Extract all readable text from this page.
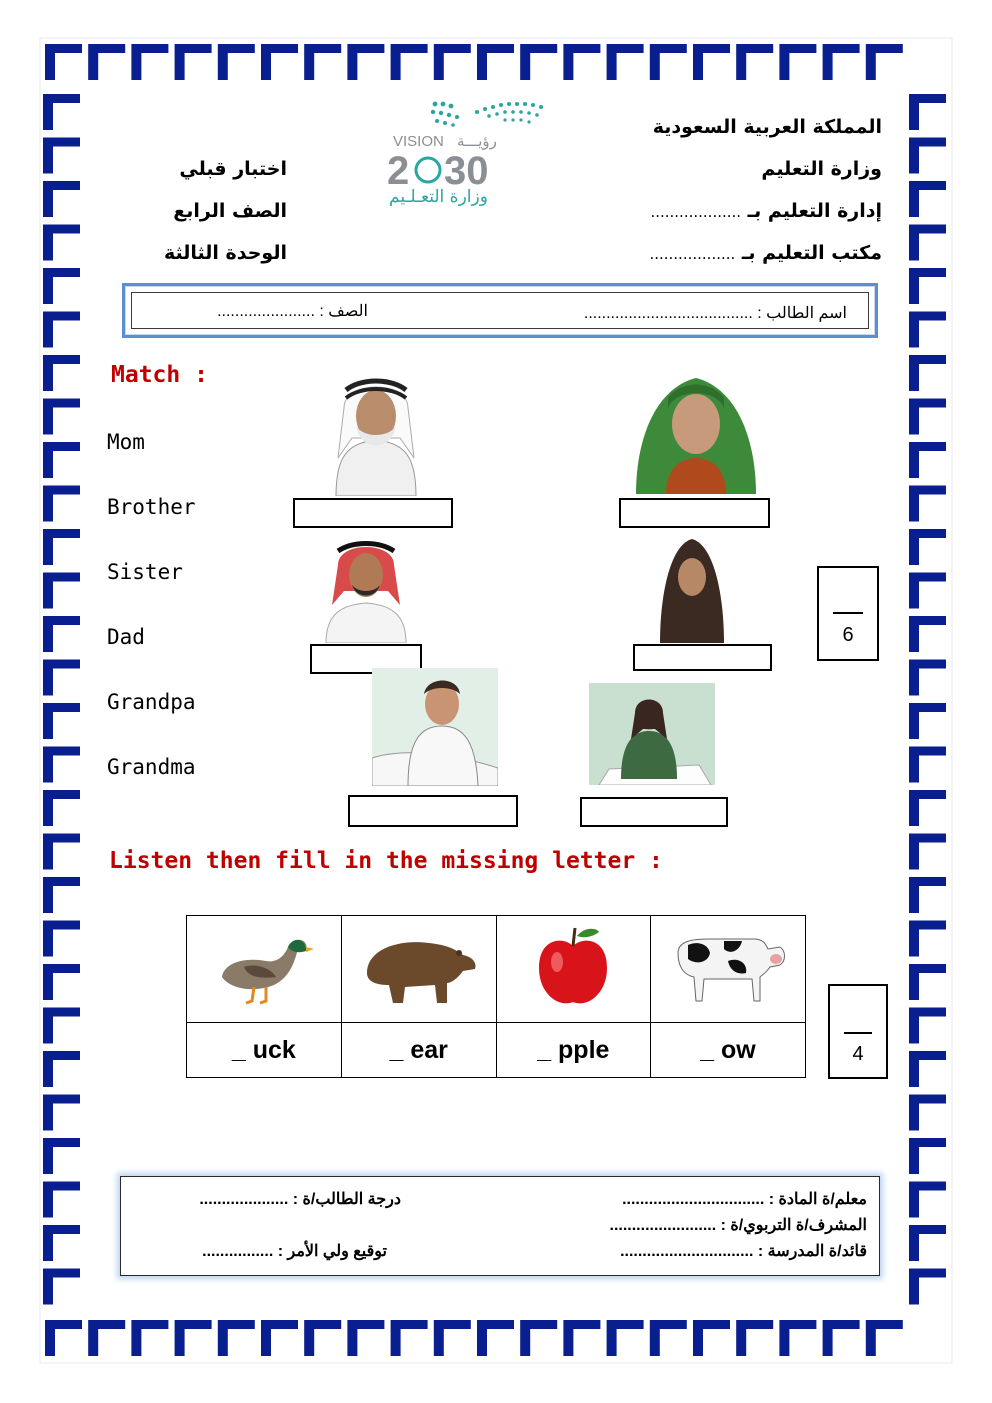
المملكة العربية السعودية
وزارة التعليم
إدارة التعليم بـ ...................
مكتب التعليم بـ ..................
اختبار قبلي
الصف الرابع
الوحدة الثالثة
VISION رؤيـــة
2 30
وزارة التعـلـيم
اسم الطالب : ......................................
الصف : ......................
Match :
Mom
Brother
Sister
Dad
Grandpa
Grandma
6
Listen then fill in the missing letter :

_ uck	_ ear	_ pple	_ ow	4
معلم/ة المادة : ................................
المشرف/ة التربوي/ة : ........................
قائد/ة المدرسة : ..............................
درجة الطالب/ة : ....................
توقيع ولي الأمر : ................
